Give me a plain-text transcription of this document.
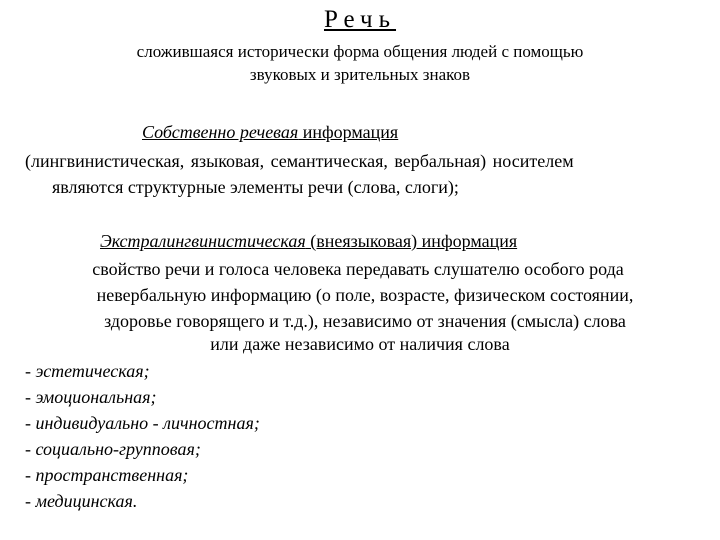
Речь
сложившаяся исторически форма общения людей с помощью
звуковых и зрительных знаков
Собственно речевая информация
(лингвинистическая, языковая, семантическая, вербальная) носителем
являются структурные элементы речи (слова, слоги);
Экстралингвинистическая (внеязыковая) информация
свойство речи и голоса человека передавать слушателю особого рода
невербальную информацию (о поле, возрасте, физическом состоянии,
здоровье говорящего и т.д.), независимо от значения (смысла) слова
или даже независимо от наличия слова
- эстетическая;
- эмоциональная;
- индивидуально - личностная;
- социально-групповая;
- пространственная;
- медицинская.
